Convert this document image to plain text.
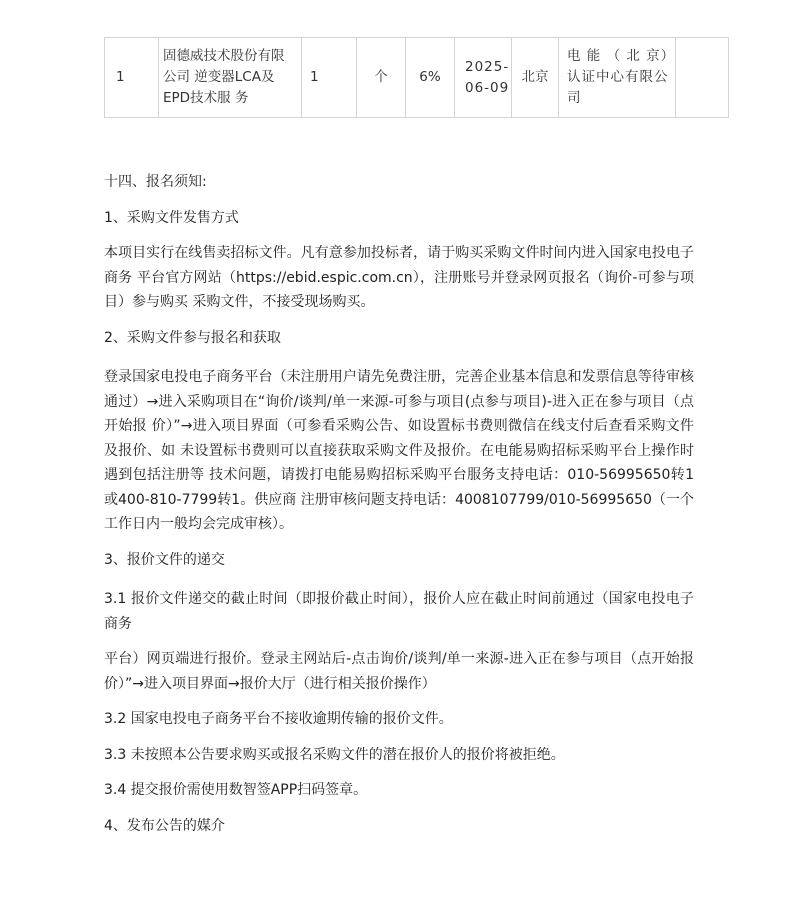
1	固德威技术股份有限公司 逆变器LCA及EPD技术服 务	1	个	6%	2025-06-09	北京	电 能 （ 北 京）认证中心有限公司	

十四、报名须知:

1、采购文件发售方式

本项目实行在线售卖招标文件。凡有意参加投标者，请于购买采购文件时间内进入国家电投电子商务 平台官方网站（https://ebid.espic.com.cn），注册账号并登录网页报名（询价-可参与项目）参与购买 采购文件，不接受现场购买。

2、采购文件参与报名和获取

登录国家电投电子商务平台（未注册用户请先免费注册，完善企业基本信息和发票信息等待审核通过）→进入采购项目在“询价/谈判/单一来源-可参与项目(点参与项目)-进入正在参与项目（点开始报 价）”→进入项目界面（可参看采购公告、如设置标书费则微信在线支付后查看采购文件及报价、如 未设置标书费则可以直接获取采购文件及报价。在电能易购招标采购平台上操作时遇到包括注册等 技术问题，请拨打电能易购招标采购平台服务支持电话：010-56995650转1或400-810-7799转1。供应商 注册审核问题支持电话：4008107799/010-56995650（一个工作日内一般均会完成审核）。

3、报价文件的递交

3.1 报价文件递交的截止时间（即报价截止时间），报价人应在截止时间前通过（国家电投电子商务

平台）网页端进行报价。登录主网站后-点击询价/谈判/单一来源-进入正在参与项目（点开始报价）”→进入项目界面→报价大厅（进行相关报价操作）

3.2 国家电投电子商务平台不接收逾期传输的报价文件。

3.3 未按照本公告要求购买或报名采购文件的潜在报价人的报价将被拒绝。

3.4 提交报价需使用数智签APP扫码签章。

4、发布公告的媒介
